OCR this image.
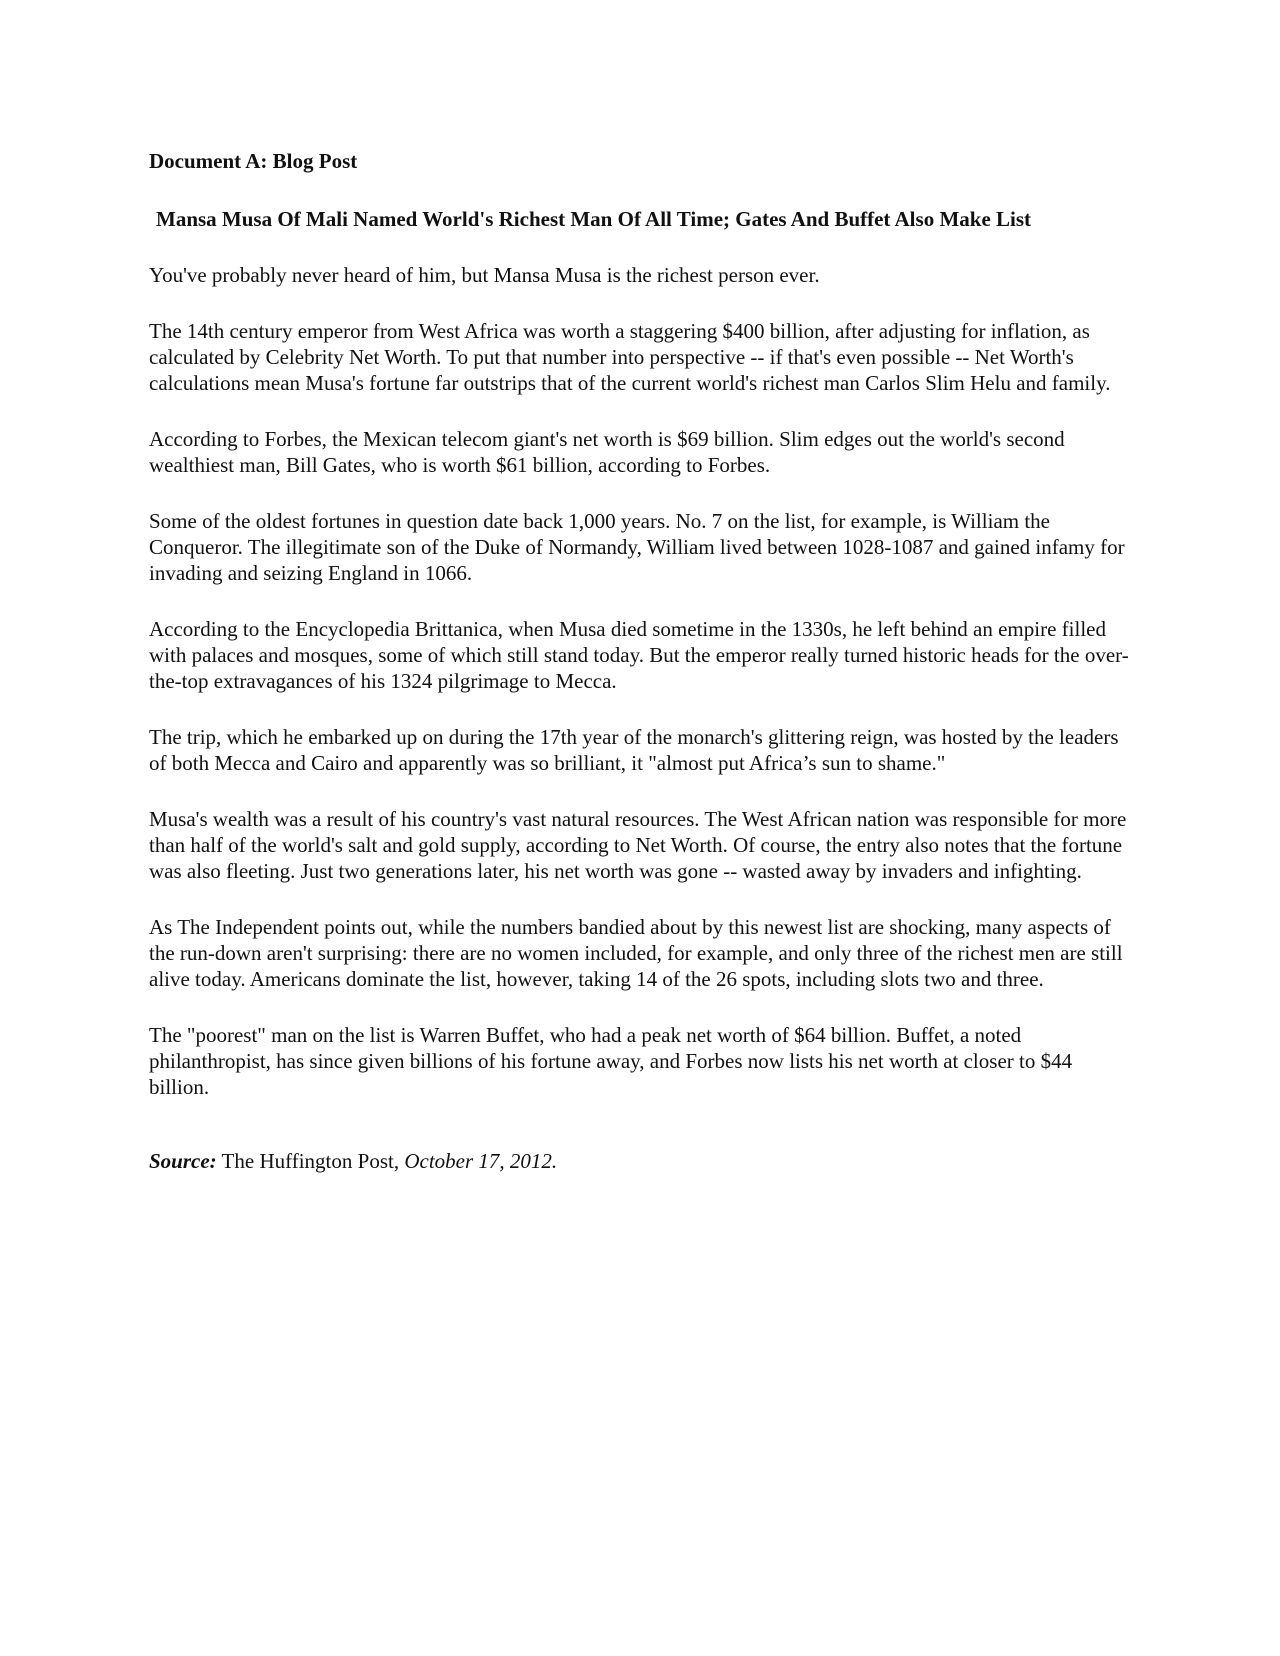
Document A: Blog Post

Mansa Musa Of Mali Named World's Richest Man Of All Time; Gates And Buffet Also Make List

You've probably never heard of him, but Mansa Musa is the richest person ever.

The 14th century emperor from West Africa was worth a staggering $400 billion, after adjusting for inflation, as calculated by Celebrity Net Worth. To put that number into perspective -- if that's even possible -- Net Worth's calculations mean Musa's fortune far outstrips that of the current world's richest man Carlos Slim Helu and family.

According to Forbes, the Mexican telecom giant's net worth is $69 billion. Slim edges out the world's second wealthiest man, Bill Gates, who is worth $61 billion, according to Forbes.

Some of the oldest fortunes in question date back 1,000 years. No. 7 on the list, for example, is William the Conqueror. The illegitimate son of the Duke of Normandy, William lived between 1028-1087 and gained infamy for invading and seizing England in 1066.

According to the Encyclopedia Brittanica, when Musa died sometime in the 1330s, he left behind an empire filled with palaces and mosques, some of which still stand today. But the emperor really turned historic heads for the over-the-top extravagances of his 1324 pilgrimage to Mecca.

The trip, which he embarked up on during the 17th year of the monarch's glittering reign, was hosted by the leaders of both Mecca and Cairo and apparently was so brilliant, it "almost put Africa’s sun to shame."

Musa's wealth was a result of his country's vast natural resources. The West African nation was responsible for more than half of the world's salt and gold supply, according to Net Worth. Of course, the entry also notes that the fortune was also fleeting. Just two generations later, his net worth was gone -- wasted away by invaders and infighting.

As The Independent points out, while the numbers bandied about by this newest list are shocking, many aspects of the run-down aren't surprising: there are no women included, for example, and only three of the richest men are still alive today. Americans dominate the list, however, taking 14 of the 26 spots, including slots two and three.

The "poorest" man on the list is Warren Buffet, who had a peak net worth of $64 billion. Buffet, a noted philanthropist, has since given billions of his fortune away, and Forbes now lists his net worth at closer to $44 billion.

Source: The Huffington Post, October 17, 2012.
